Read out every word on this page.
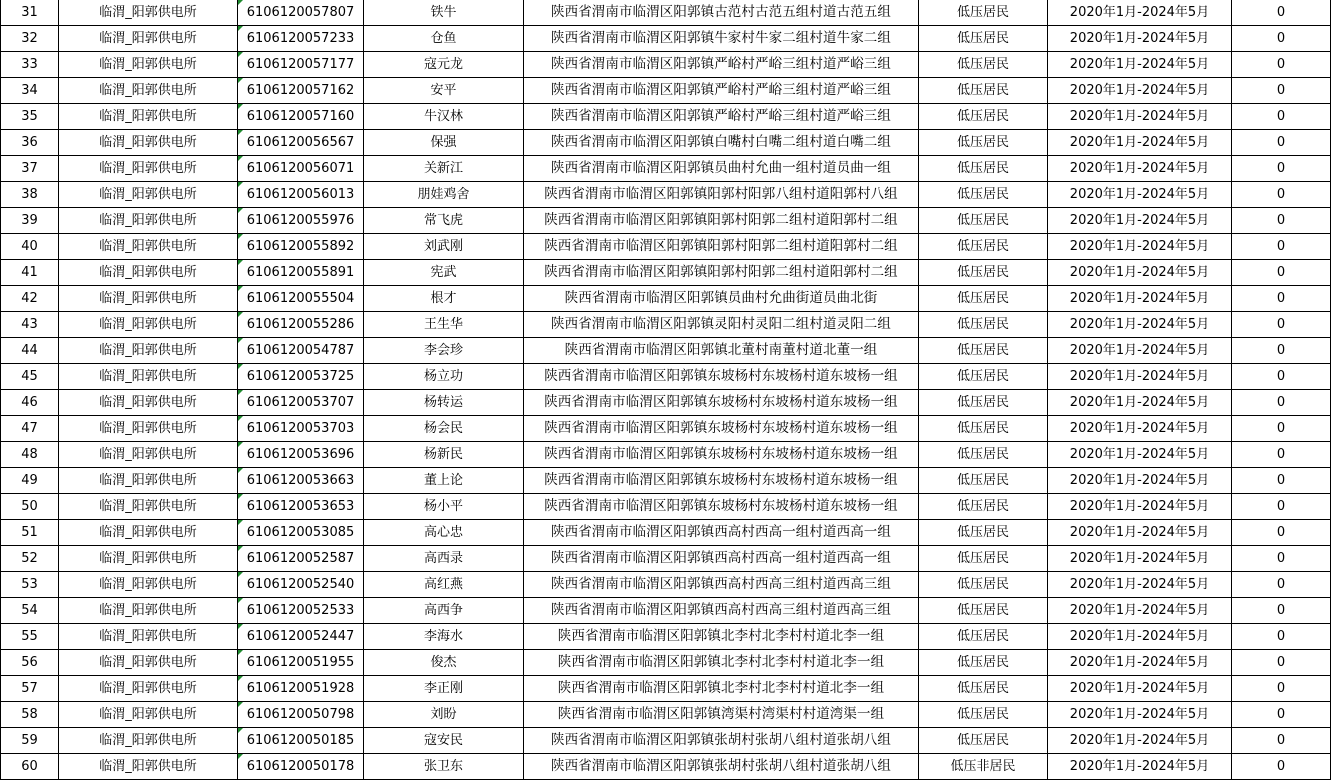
31	临渭_阳郭供电所	6106120057807	铁牛	陕西省渭南市临渭区阳郭镇古范村古范五组村道古范五组	低压居民	2020年1月-2024年5月	0
32	临渭_阳郭供电所	6106120057233	仓鱼	陕西省渭南市临渭区阳郭镇牛家村牛家二组村道牛家二组	低压居民	2020年1月-2024年5月	0
33	临渭_阳郭供电所	6106120057177	寇元龙	陕西省渭南市临渭区阳郭镇严峪村严峪三组村道严峪三组	低压居民	2020年1月-2024年5月	0
34	临渭_阳郭供电所	6106120057162	安平	陕西省渭南市临渭区阳郭镇严峪村严峪三组村道严峪三组	低压居民	2020年1月-2024年5月	0
35	临渭_阳郭供电所	6106120057160	牛汉林	陕西省渭南市临渭区阳郭镇严峪村严峪三组村道严峪三组	低压居民	2020年1月-2024年5月	0
36	临渭_阳郭供电所	6106120056567	保强	陕西省渭南市临渭区阳郭镇白嘴村白嘴二组村道白嘴二组	低压居民	2020年1月-2024年5月	0
37	临渭_阳郭供电所	6106120056071	关新江	陕西省渭南市临渭区阳郭镇员曲村允曲一组村道员曲一组	低压居民	2020年1月-2024年5月	0
38	临渭_阳郭供电所	6106120056013	朋娃鸡舍	陕西省渭南市临渭区阳郭镇阳郭村阳郭八组村道阳郭村八组	低压居民	2020年1月-2024年5月	0
39	临渭_阳郭供电所	6106120055976	常飞虎	陕西省渭南市临渭区阳郭镇阳郭村阳郭二组村道阳郭村二组	低压居民	2020年1月-2024年5月	0
40	临渭_阳郭供电所	6106120055892	刘武刚	陕西省渭南市临渭区阳郭镇阳郭村阳郭二组村道阳郭村二组	低压居民	2020年1月-2024年5月	0
41	临渭_阳郭供电所	6106120055891	宪武	陕西省渭南市临渭区阳郭镇阳郭村阳郭二组村道阳郭村二组	低压居民	2020年1月-2024年5月	0
42	临渭_阳郭供电所	6106120055504	根才	陕西省渭南市临渭区阳郭镇员曲村允曲街道员曲北街	低压居民	2020年1月-2024年5月	0
43	临渭_阳郭供电所	6106120055286	王生华	陕西省渭南市临渭区阳郭镇灵阳村灵阳二组村道灵阳二组	低压居民	2020年1月-2024年5月	0
44	临渭_阳郭供电所	6106120054787	李会珍	陕西省渭南市临渭区阳郭镇北董村南董村道北董一组	低压居民	2020年1月-2024年5月	0
45	临渭_阳郭供电所	6106120053725	杨立功	陕西省渭南市临渭区阳郭镇东坡杨村东坡杨村道东坡杨一组	低压居民	2020年1月-2024年5月	0
46	临渭_阳郭供电所	6106120053707	杨转运	陕西省渭南市临渭区阳郭镇东坡杨村东坡杨村道东坡杨一组	低压居民	2020年1月-2024年5月	0
47	临渭_阳郭供电所	6106120053703	杨会民	陕西省渭南市临渭区阳郭镇东坡杨村东坡杨村道东坡杨一组	低压居民	2020年1月-2024年5月	0
48	临渭_阳郭供电所	6106120053696	杨新民	陕西省渭南市临渭区阳郭镇东坡杨村东坡杨村道东坡杨一组	低压居民	2020年1月-2024年5月	0
49	临渭_阳郭供电所	6106120053663	董上论	陕西省渭南市临渭区阳郭镇东坡杨村东坡杨村道东坡杨一组	低压居民	2020年1月-2024年5月	0
50	临渭_阳郭供电所	6106120053653	杨小平	陕西省渭南市临渭区阳郭镇东坡杨村东坡杨村道东坡杨一组	低压居民	2020年1月-2024年5月	0
51	临渭_阳郭供电所	6106120053085	高心忠	陕西省渭南市临渭区阳郭镇西高村西高一组村道西高一组	低压居民	2020年1月-2024年5月	0
52	临渭_阳郭供电所	6106120052587	高西录	陕西省渭南市临渭区阳郭镇西高村西高一组村道西高一组	低压居民	2020年1月-2024年5月	0
53	临渭_阳郭供电所	6106120052540	高红燕	陕西省渭南市临渭区阳郭镇西高村西高三组村道西高三组	低压居民	2020年1月-2024年5月	0
54	临渭_阳郭供电所	6106120052533	高西争	陕西省渭南市临渭区阳郭镇西高村西高三组村道西高三组	低压居民	2020年1月-2024年5月	0
55	临渭_阳郭供电所	6106120052447	李海水	陕西省渭南市临渭区阳郭镇北李村北李村村道北李一组	低压居民	2020年1月-2024年5月	0
56	临渭_阳郭供电所	6106120051955	俊杰	陕西省渭南市临渭区阳郭镇北李村北李村村道北李一组	低压居民	2020年1月-2024年5月	0
57	临渭_阳郭供电所	6106120051928	李正刚	陕西省渭南市临渭区阳郭镇北李村北李村村道北李一组	低压居民	2020年1月-2024年5月	0
58	临渭_阳郭供电所	6106120050798	刘盼	陕西省渭南市临渭区阳郭镇湾渠村湾渠村村道湾渠一组	低压居民	2020年1月-2024年5月	0
59	临渭_阳郭供电所	6106120050185	寇安民	陕西省渭南市临渭区阳郭镇张胡村张胡八组村道张胡八组	低压居民	2020年1月-2024年5月	0
60	临渭_阳郭供电所	6106120050178	张卫东	陕西省渭南市临渭区阳郭镇张胡村张胡八组村道张胡八组	低压非居民	2020年1月-2024年5月	0
